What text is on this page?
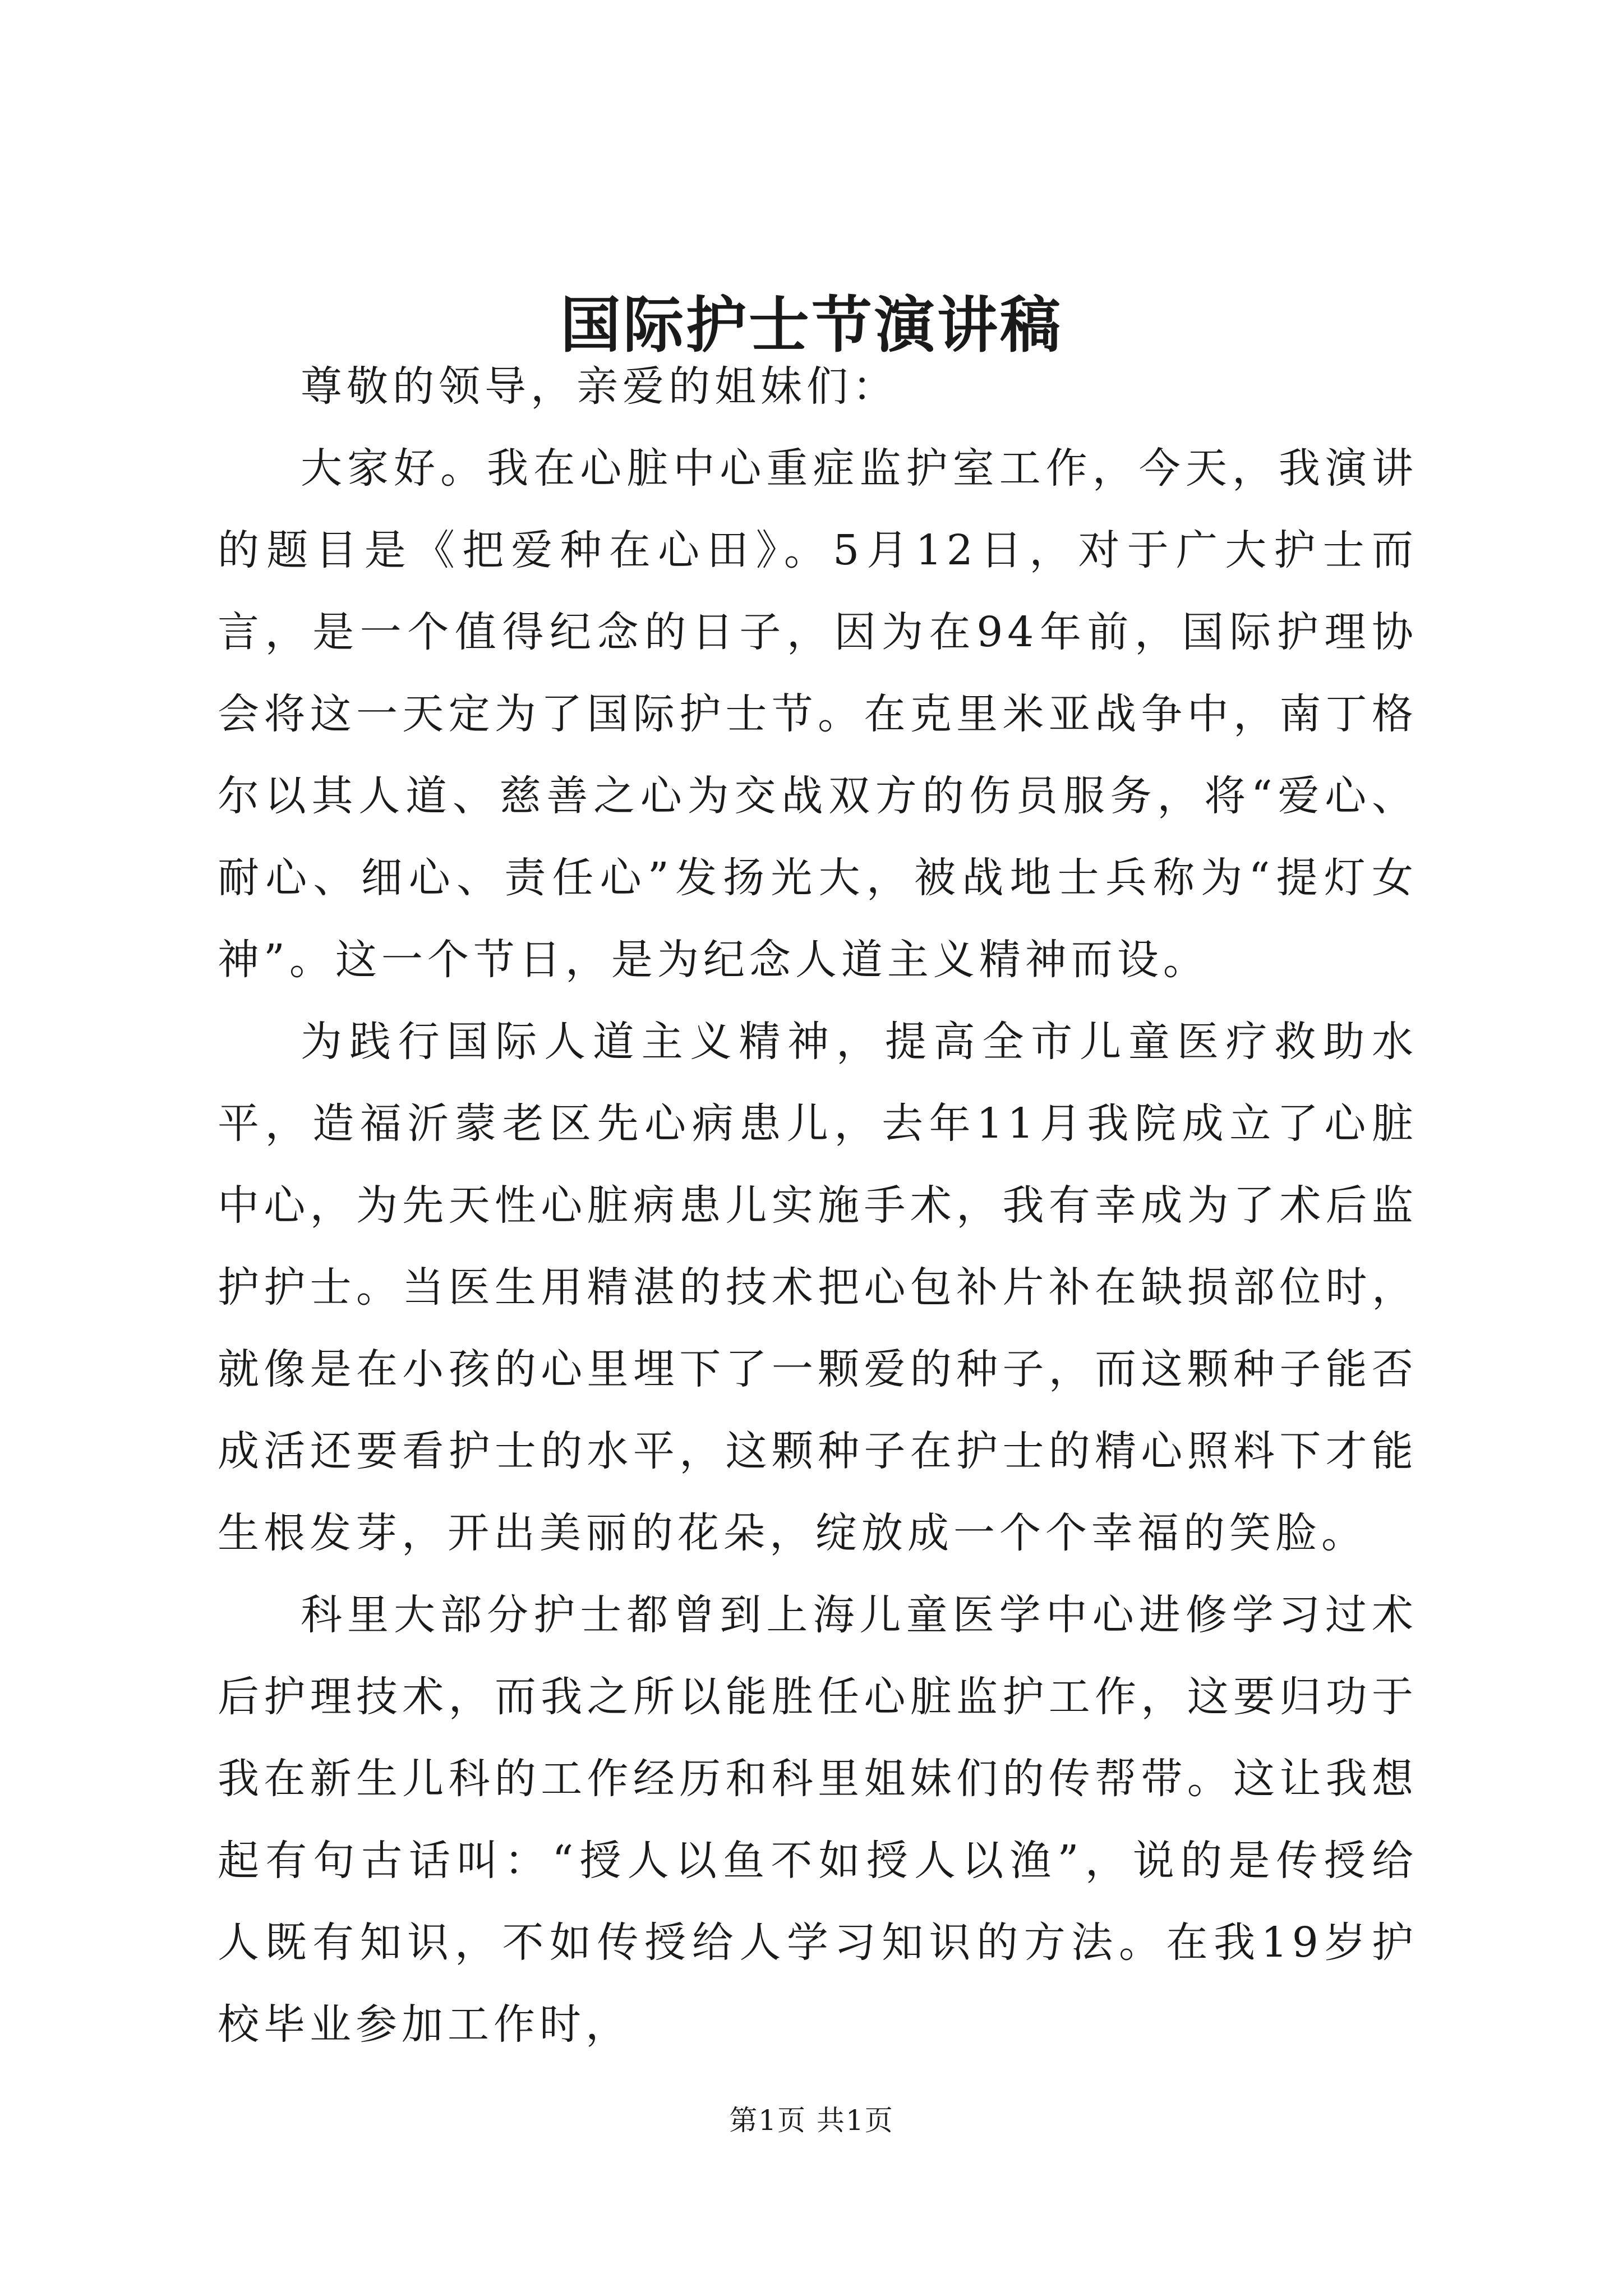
国际护士节演讲稿

尊敬的领导，亲爱的姐妹们：

大家好。我在心脏中心重症监护室工作，今天，我演讲的题目是《把爱种在心田》。5月12日，对于广大护士而言，是一个值得纪念的日子，因为在94年前，国际护理协会将这一天定为了国际护士节。在克里米亚战争中，南丁格尔以其人道、慈善之心为交战双方的伤员服务，将“爱心、耐心、细心、责任心”发扬光大，被战地士兵称为“提灯女神”。这一个节日，是为纪念人道主义精神而设。

为践行国际人道主义精神，提高全市儿童医疗救助水平，造福沂蒙老区先心病患儿，去年11月我院成立了心脏中心，为先天性心脏病患儿实施手术，我有幸成为了术后监护护士。当医生用精湛的技术把心包补片补在缺损部位时，就像是在小孩的心里埋下了一颗爱的种子，而这颗种子能否成活还要看护士的水平，这颗种子在护士的精心照料下才能生根发芽，开出美丽的花朵，绽放成一个个幸福的笑脸。

科里大部分护士都曾到上海儿童医学中心进修学习过术后护理技术，而我之所以能胜任心脏监护工作，这要归功于我在新生儿科的工作经历和科里姐妹们的传帮带。这让我想起有句古话叫：“授人以鱼不如授人以渔”，说的是传授给人既有知识，不如传授给人学习知识的方法。在我19岁护校毕业参加工作时，

第1页 共1页
